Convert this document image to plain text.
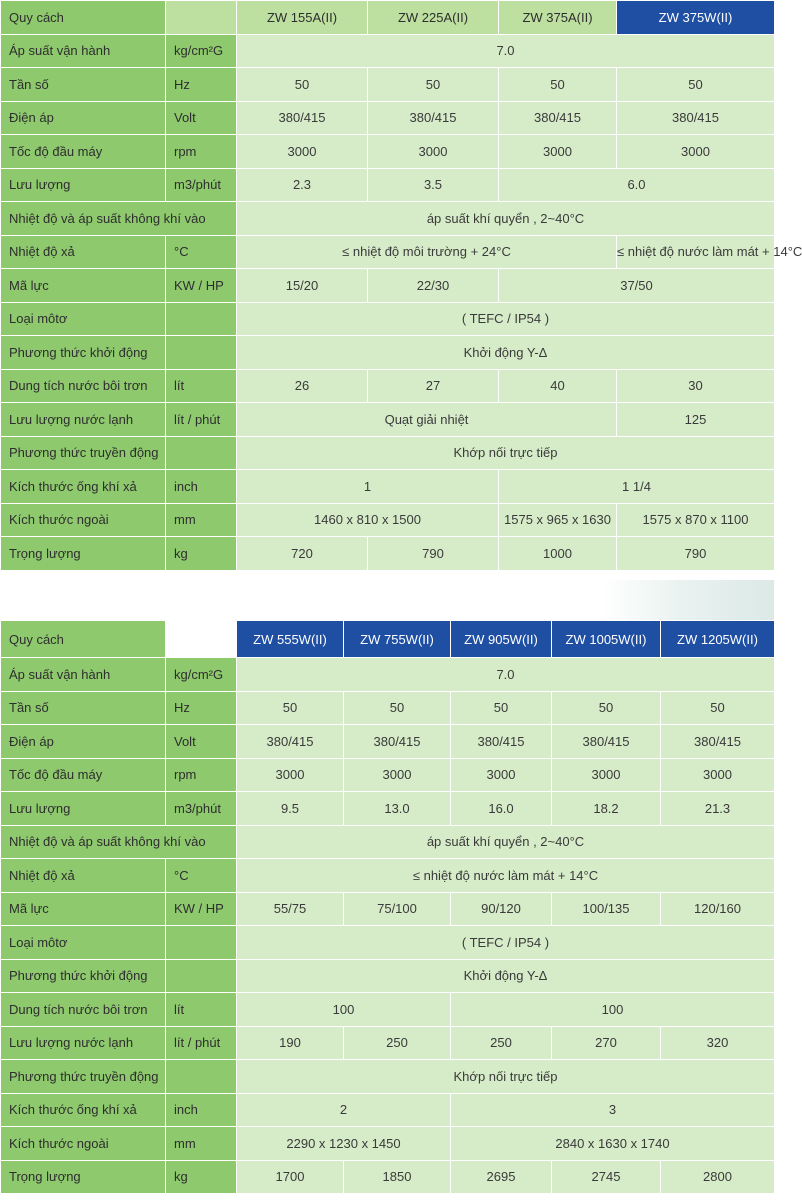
Quy cách		ZW 155A(II)	ZW 225A(II)	ZW 375A(II)	ZW 375W(II)
Áp suất vận hành	kg/cm²G	7.0			
Tần số	Hz	50	50	50	50
Điện áp	Volt	380/415	380/415	380/415	380/415
Tốc độ đầu máy	rpm	3000	3000	3000	3000
Lưu lượng	m3/phút	2.3	3.5	6.0	
Nhiệt độ và áp suất không khí vào		áp suất khí quyển , 2~40°C			
Nhiệt độ xả	°C	≤ nhiệt độ môi trường + 24°C			≤ nhiệt độ nước làm mát + 14°C
Mã lực	KW / HP	15/20	22/30	37/50	
Loại môtơ		( TEFC / IP54 )			
Phương thức khởi động		Khởi động Y-Δ			
Dung tích nước bôi trơn	lít	26	27	40	30
Lưu lượng nước lạnh	lít / phút	Quạt giải nhiệt			125
Phương thức truyền động		Khớp nối trực tiếp			
Kích thước ống khí xả	inch	1		1 1/4	
Kích thước ngoài	mm	1460 x 810 x 1500		1575 x 965 x 1630	1575 x 870 x 1100
Trọng lượng	kg	720	790	1000	790
Quy cách		ZW 555W(II)	ZW 755W(II)	ZW 905W(II)	ZW 1005W(II)	ZW 1205W(II)
Áp suất vận hành	kg/cm²G	7.0				
Tần số	Hz	50	50	50	50	50
Điện áp	Volt	380/415	380/415	380/415	380/415	380/415
Tốc độ đầu máy	rpm	3000	3000	3000	3000	3000
Lưu lượng	m3/phút	9.5	13.0	16.0	18.2	21.3
Nhiệt độ và áp suất không khí vào		áp suất khí quyển , 2~40°C				
Nhiệt độ xả	°C	≤ nhiệt độ nước làm mát + 14°C				
Mã lực	KW / HP	55/75	75/100	90/120	100/135	120/160
Loại môtơ		( TEFC / IP54 )				
Phương thức khởi động		Khởi động Y-Δ				
Dung tích nước bôi trơn	lít	100		100		
Lưu lượng nước lạnh	lít / phút	190	250	250	270	320
Phương thức truyền động		Khớp nối trực tiếp				
Kích thước ống khí xả	inch	2		3		
Kích thước ngoài	mm	2290 x 1230 x 1450		2840 x 1630 x 1740		
Trọng lượng	kg	1700	1850	2695	2745	2800
